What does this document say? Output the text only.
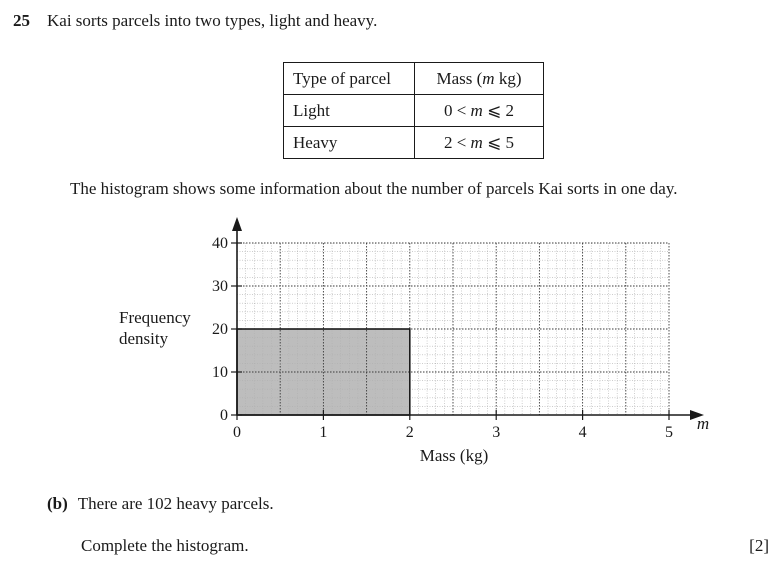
25 Kai sorts parcels into two types, light and heavy.
Type of parcel	Mass (m kg)
Light	0 < m ⩽ 2
Heavy	2 < m ⩽ 5
The histogram shows some information about the number of parcels Kai sorts in one day.
0	1	2	3	4	5
0
10
20
30
40
Mass (kg)
m
Frequency
density
(b) There are 102 heavy parcels.
Complete the histogram.	[2]
